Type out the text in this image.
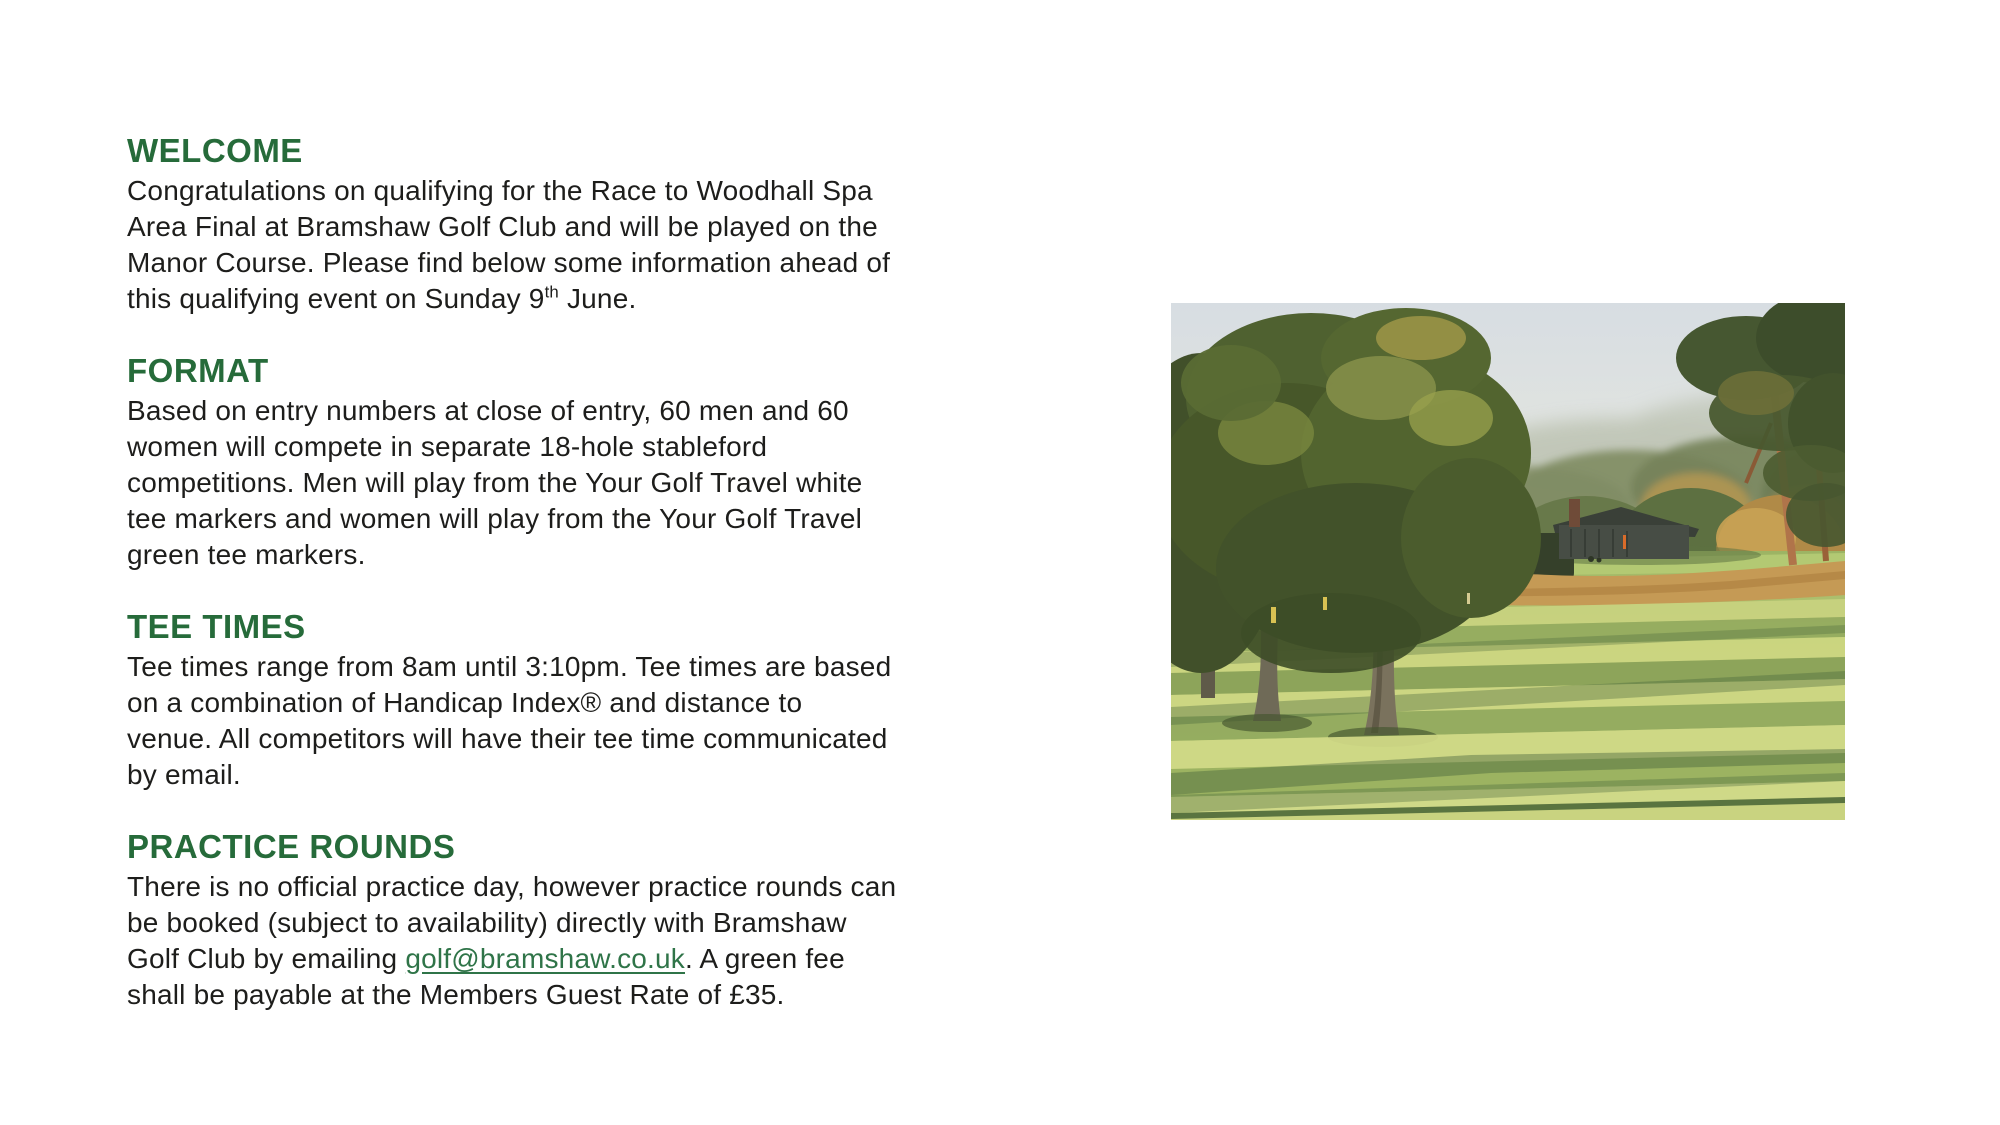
WELCOME
Congratulations on qualifying for the Race to Woodhall Spa
Area Final at Bramshaw Golf Club and will be played on the
Manor Course. Please find below some information ahead of
this qualifying event on Sunday 9th June.
FORMAT
Based on entry numbers at close of entry, 60 men and 60
women will compete in separate 18-hole stableford
competitions. Men will play from the Your Golf Travel white
tee markers and women will play from the Your Golf Travel
green tee markers.
TEE TIMES
Tee times range from 8am until 3:10pm. Tee times are based
on a combination of Handicap Index® and distance to
venue. All competitors will have their tee time communicated
by email.
PRACTICE ROUNDS
There is no official practice day, however practice rounds can
be booked (subject to availability) directly with Bramshaw
Golf Club by emailing golf@bramshaw.co.uk. A green fee
shall be payable at the Members Guest Rate of £35.
